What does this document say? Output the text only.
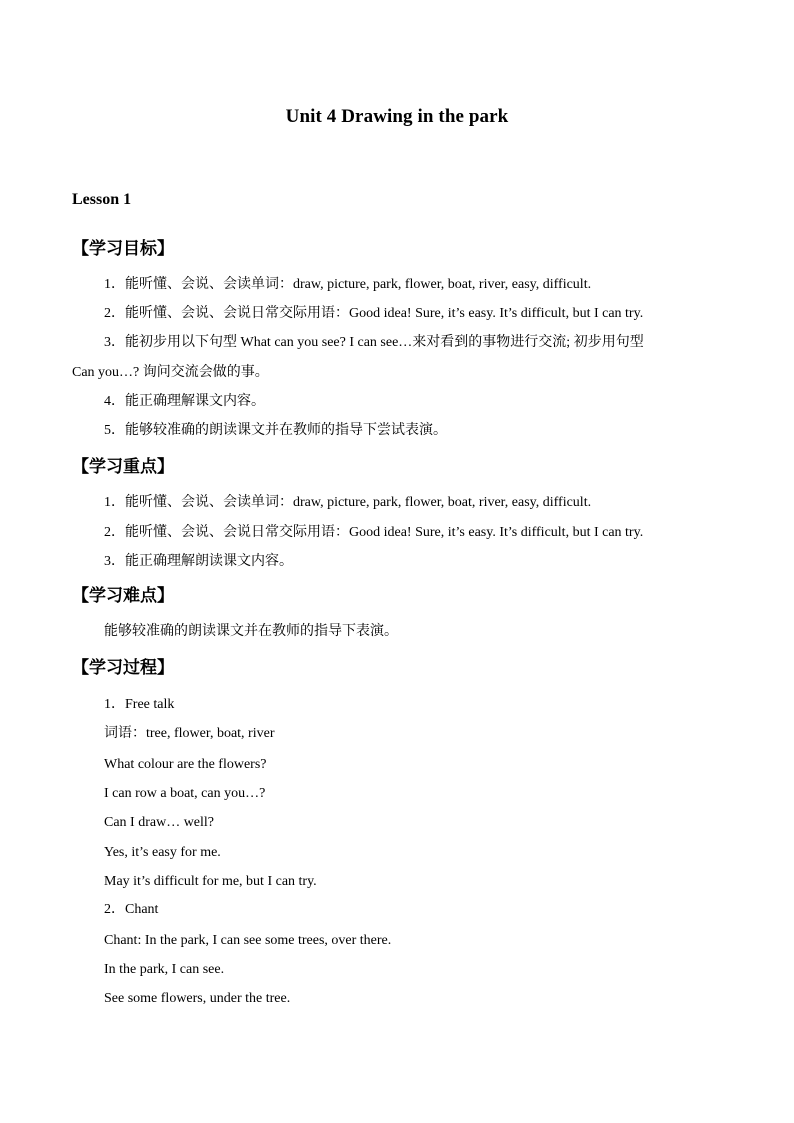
Unit 4 Drawing in the park
Lesson 1
【学习目标】
1．能听懂、会说、会读单词：draw, picture, park, flower, boat, river, easy, difficult.
2．能听懂、会说、会说日常交际用语：Good idea! Sure, it’s easy. It’s difficult, but I can try.
3．能初步用以下句型 What can you see? I can see…来对看到的事物进行交流; 初步用句型
Can you…? 询问交流会做的事。
4．能正确理解课文内容。
5．能够较准确的朗读课文并在教师的指导下尝试表演。
【学习重点】
1．能听懂、会说、会读单词：draw, picture, park, flower, boat, river, easy, difficult.
2．能听懂、会说、会说日常交际用语：Good idea! Sure, it’s easy. It’s difficult, but I can try.
3．能正确理解朗读课文内容。
【学习难点】
能够较准确的朗读课文并在教师的指导下表演。
【学习过程】
1．Free talk
词语：tree, flower, boat, river
What colour are the flowers?
I can row a boat, can you…?
Can I draw… well?
Yes, it’s easy for me.
May it’s difficult for me, but I can try.
2．Chant
Chant: In the park, I can see some trees, over there.
In the park, I can see.
See some flowers, under the tree.
